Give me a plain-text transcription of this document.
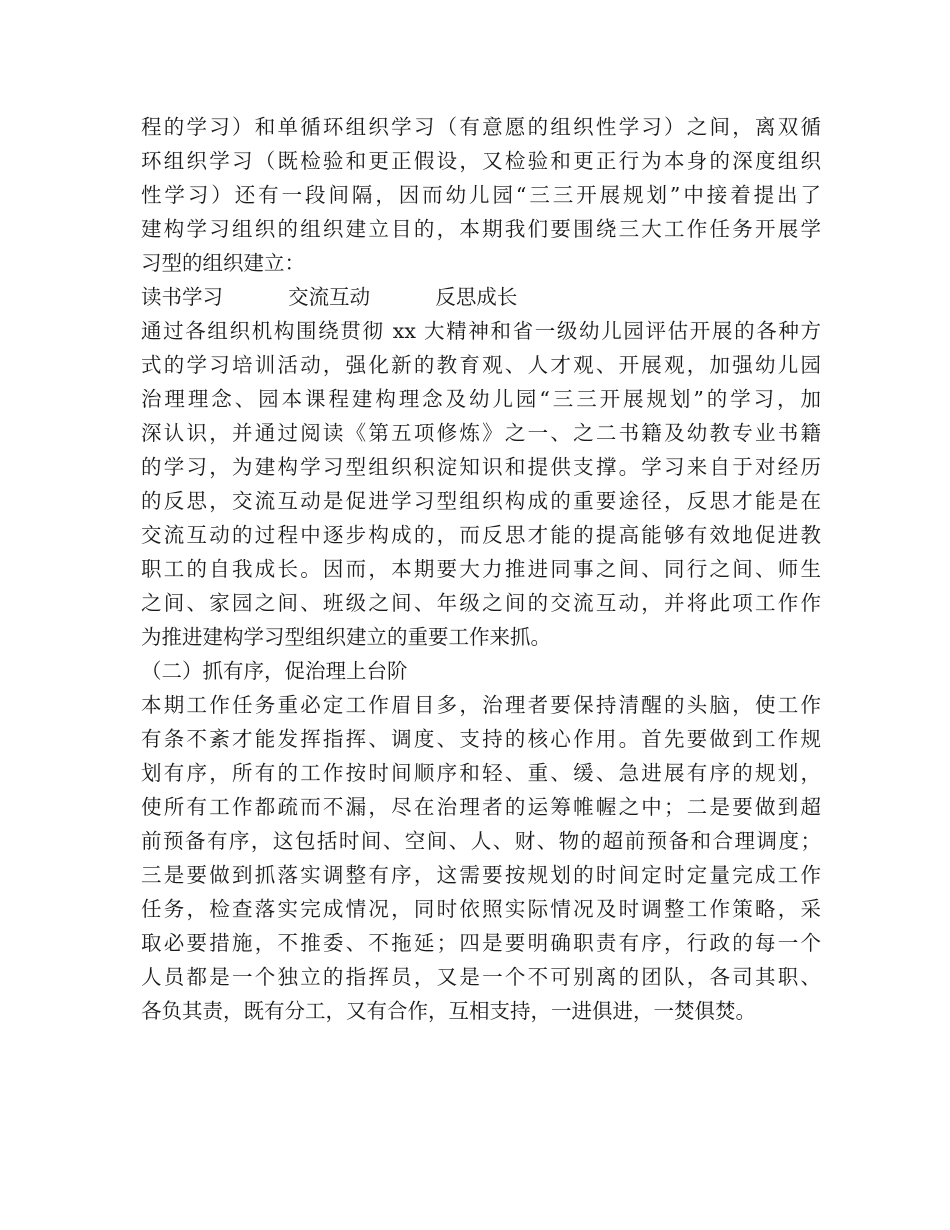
程的学习）和单循环组织学习（有意愿的组织性学习）之间，离双循
环组织学习（既检验和更正假设，又检验和更正行为本身的深度组织
性学习）还有一段间隔，因而幼儿园“三三开展规划”中接着提出了
建构学习组织的组织建立目的，本期我们要围绕三大工作任务开展学
习型的组织建立：
读书学习          交流互动          反思成长
通过各组织机构围绕贯彻 xx 大精神和省一级幼儿园评估开展的各种方
式的学习培训活动，强化新的教育观、人才观、开展观，加强幼儿园
治理理念、园本课程建构理念及幼儿园“三三开展规划”的学习，加
深认识，并通过阅读《第五项修炼》之一、之二书籍及幼教专业书籍
的学习，为建构学习型组织积淀知识和提供支撑。学习来自于对经历
的反思，交流互动是促进学习型组织构成的重要途径，反思才能是在
交流互动的过程中逐步构成的，而反思才能的提高能够有效地促进教
职工的自我成长。因而，本期要大力推进同事之间、同行之间、师生
之间、家园之间、班级之间、年级之间的交流互动，并将此项工作作
为推进建构学习型组织建立的重要工作来抓。
（二）抓有序，促治理上台阶
本期工作任务重必定工作眉目多，治理者要保持清醒的头脑，使工作
有条不紊才能发挥指挥、调度、支持的核心作用。首先要做到工作规
划有序，所有的工作按时间顺序和轻、重、缓、急进展有序的规划，
使所有工作都疏而不漏，尽在治理者的运筹帷幄之中；二是要做到超
前预备有序，这包括时间、空间、人、财、物的超前预备和合理调度；
三是要做到抓落实调整有序，这需要按规划的时间定时定量完成工作
任务，检查落实完成情况，同时依照实际情况及时调整工作策略，采
取必要措施，不推委、不拖延；四是要明确职责有序，行政的每一个
人员都是一个独立的指挥员，又是一个不可别离的团队，各司其职、
各负其责，既有分工，又有合作，互相支持，一进俱进，一焚俱焚。
